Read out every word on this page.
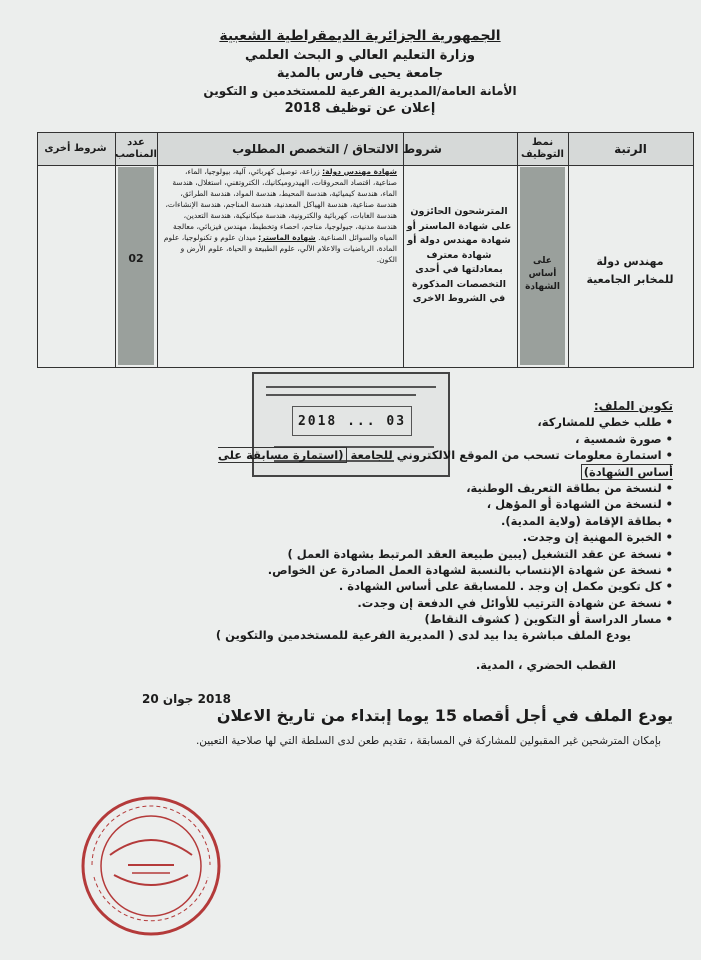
الجمهورية الجزائرية الديمقراطية الشعبية
وزارة التعليم العالي و البحث العلمي
جامعة يحيى فارس بالمدية
الأمانة العامة/المديرية الفرعية للمستخدمين و التكوين
إعلان عن توظيف 2018
الرتبة
نمط التوظيف
شروط الالتحاق / التخصص المطلوب
عدد المناصب
شروط أخرى
مهندس دولة للمخابر الجامعية
على أساس الشهادة
المترشحون الحائزون على شهادة الماستر أو شهادة مهندس دولة أو شهادة معترف بمعادلتها في أحدى التخصصات المذكورة في الشروط الاخرى
شهادة مهندس دولة: زراعة، توصيل كهربائي، آلية، بيولوجيا، الماء، صناعية، اقتصاد المحروقات، الهيدروميكانيك، الكتروتقني، استغلال، هندسة الماء، هندسة كيميائية، هندسة المحيط، هندسة المواد، هندسة الطرائق، هندسة صناعية، هندسة الهياكل المعدنية، هندسة المناجم، هندسة الإنشاءات، هندسة الغابات، كهربائية والكترونية، هندسة ميكانيكية، هندسة التعدين، هندسة مدنية، جيولوجيا، مناجم، احصاء وتخطيط، مهندس فيزيائي، معالجة المياه والسوائل الصناعية. شهادة الماستر: ميدان علوم و تكنولوجيا، علوم المادة، الرياضيات والاعلام الآلي، علوم الطبيعة و الحياة، علوم الأرض و الكون.
02
2018 ... 03
تكوين الملف:
• طلب خطي للمشاركة،
• صورة شمسية ،
• استمارة معلومات تسحب من الموقع الالكتروني للجامعة (استمارة مسابقة على أساس الشهادة)
• لنسخة من بطاقة التعريف الوطنية،
• لنسخة من الشهادة أو المؤهل ،
• بطاقة الإقامة (ولاية المدية).
• الخبرة المهنية إن وجدت.
• نسخة عن عقد التشغيل (يبين طبيعة العقد المرتبط بشهادة العمل )
• نسخة عن شهادة الإنتساب بالنسبة لشهادة العمل الصادرة عن الخواص.
• كل تكوين مكمل إن وجد . للمسابقة على أساس الشهادة .
• نسخة عن شهادة الترتيب للأوائل في الدفعة إن وجدت.
• مسار الدراسة أو التكوين ( كشوف النقاط)
يودع الملف مباشرة يدا بيد لدى ( المديرية الفرعية للمستخدمين والتكوين )
القطب الحضري ، المدية.
2018 جوان 20
يودع الملف في أجل أقصاه 15 يوما إبتداء من تاريخ الاعلان
بإمكان المترشحين غير المقبولين للمشاركة في المسابقة ، تقديم طعن لدى السلطة التي لها صلاحية التعيين.
